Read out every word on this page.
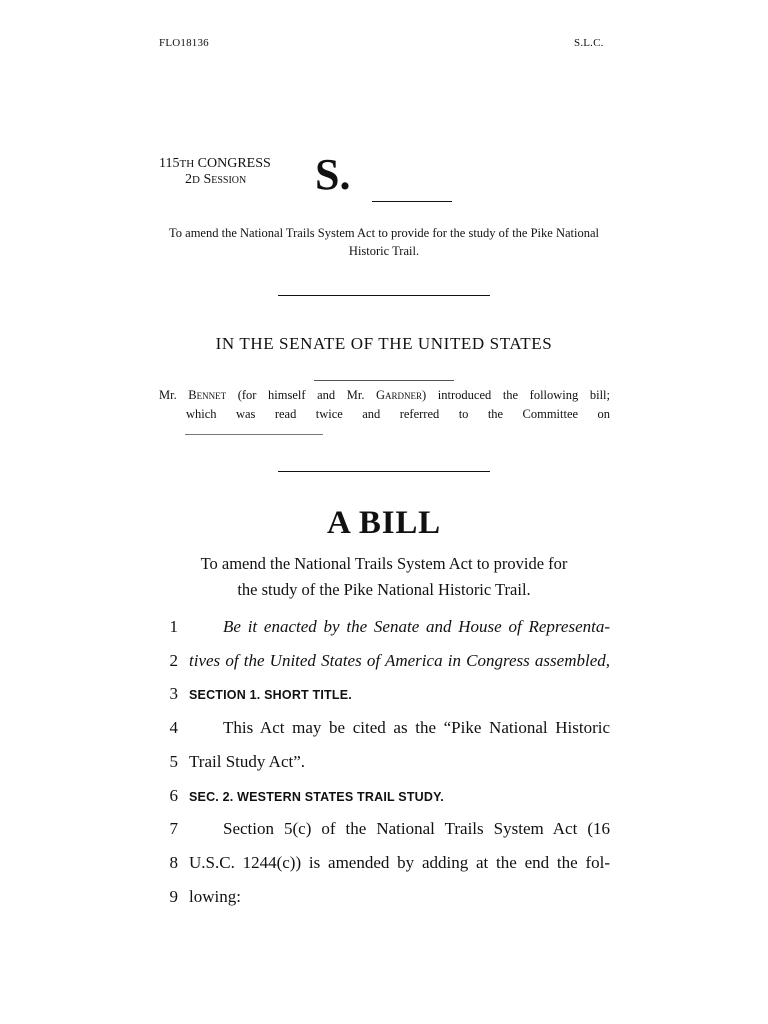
FLO18136	S.L.C.
115TH CONGRESS
2D Session S.
To amend the National Trails System Act to provide for the study of the Pike National Historic Trail.
IN THE SENATE OF THE UNITED STATES
Mr. Bennet (for himself and Mr. Gardner) introduced the following bill;
which was read twice and referred to the Committee on
A BILL
To amend the National Trails System Act to provide for
the study of the Pike National Historic Trail.
1	Be it enacted by the Senate and House of Representa-
2 tives of the United States of America in Congress assembled,
3 SECTION 1. SHORT TITLE.
4	This Act may be cited as the “Pike National Historic
5 Trail Study Act”.
6 SEC. 2. WESTERN STATES TRAIL STUDY.
7	Section 5(c) of the National Trails System Act (16
8 U.S.C. 1244(c)) is amended by adding at the end the fol-
9 lowing:
